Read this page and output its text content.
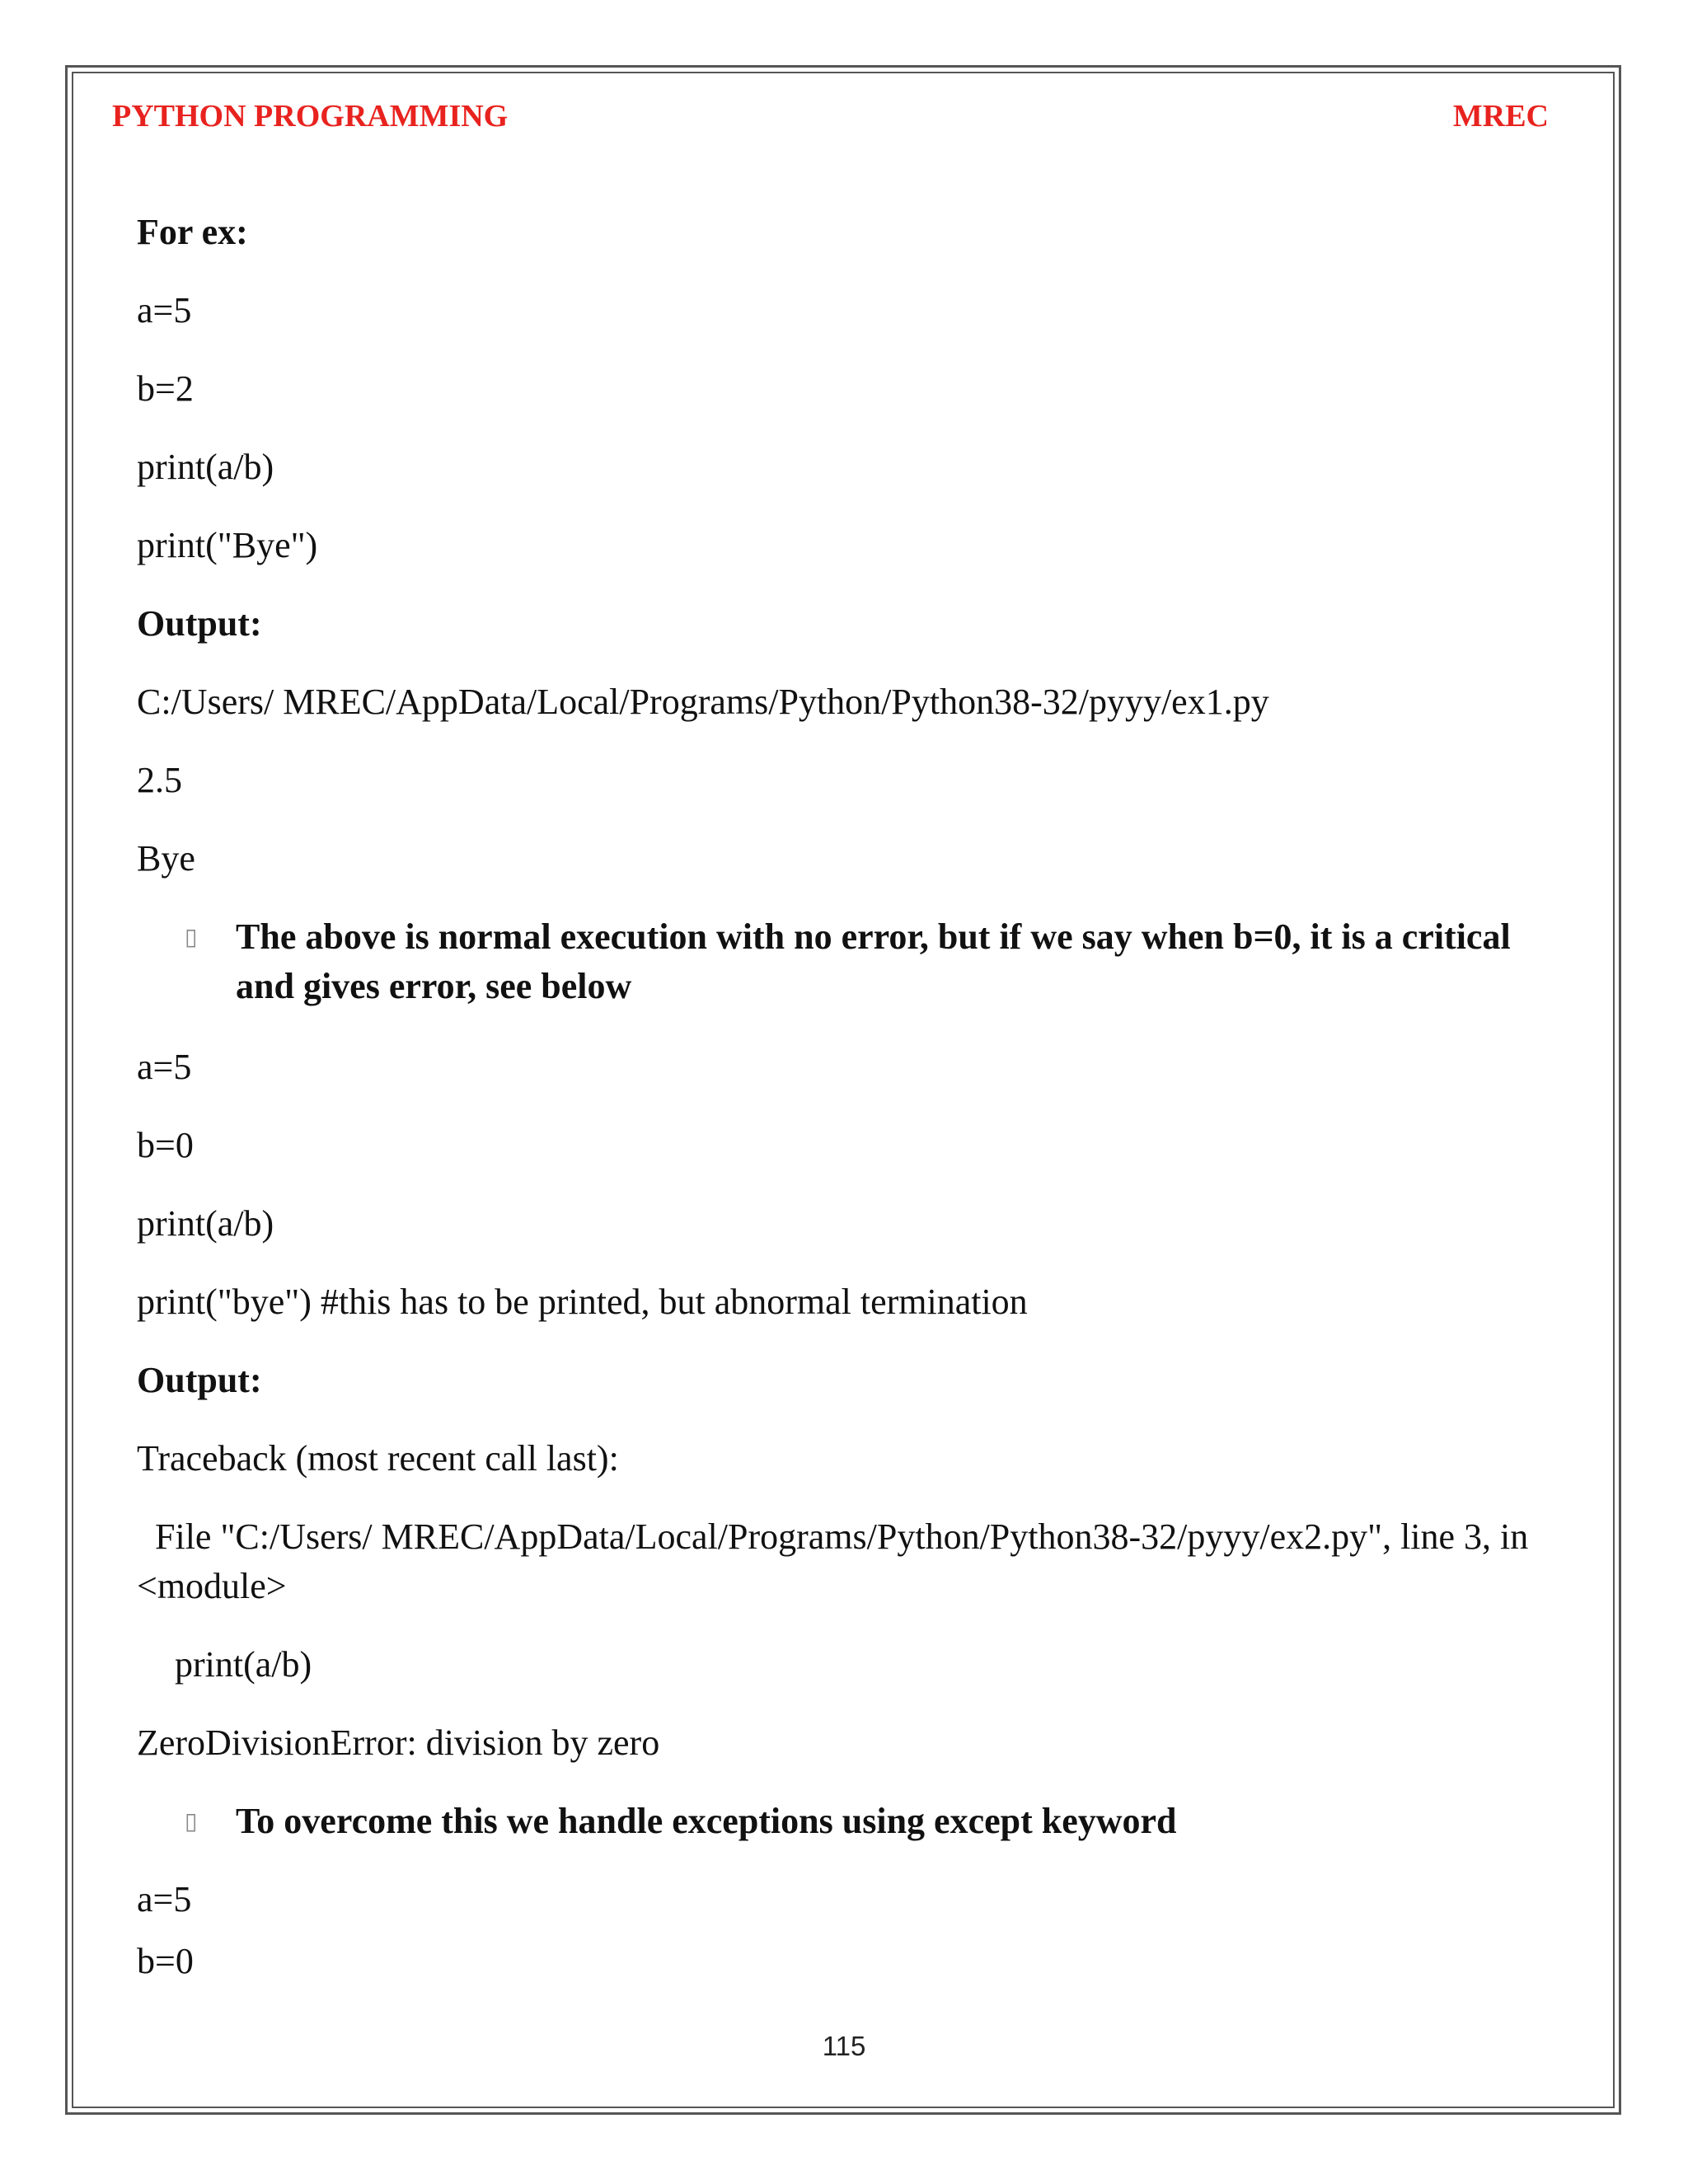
PYTHON PROGRAMMING	MREC
For ex:
a=5
b=2
print(a/b)
print("Bye")
Output:
C:/Users/ MREC/AppData/Local/Programs/Python/Python38-32/pyyy/ex1.py
2.5
Bye
▯ The above is normal execution with no error, but if we say when b=0, it is a critical and gives error, see below
a=5
b=0
print(a/b)
print("bye") #this has to be printed, but abnormal termination
Output:
Traceback (most recent call last):
File "C:/Users/ MREC/AppData/Local/Programs/Python/Python38-32/pyyy/ex2.py", line 3, in <module>
print(a/b)
ZeroDivisionError: division by zero
▯ To overcome this we handle exceptions using except keyword
a=5
b=0
115
